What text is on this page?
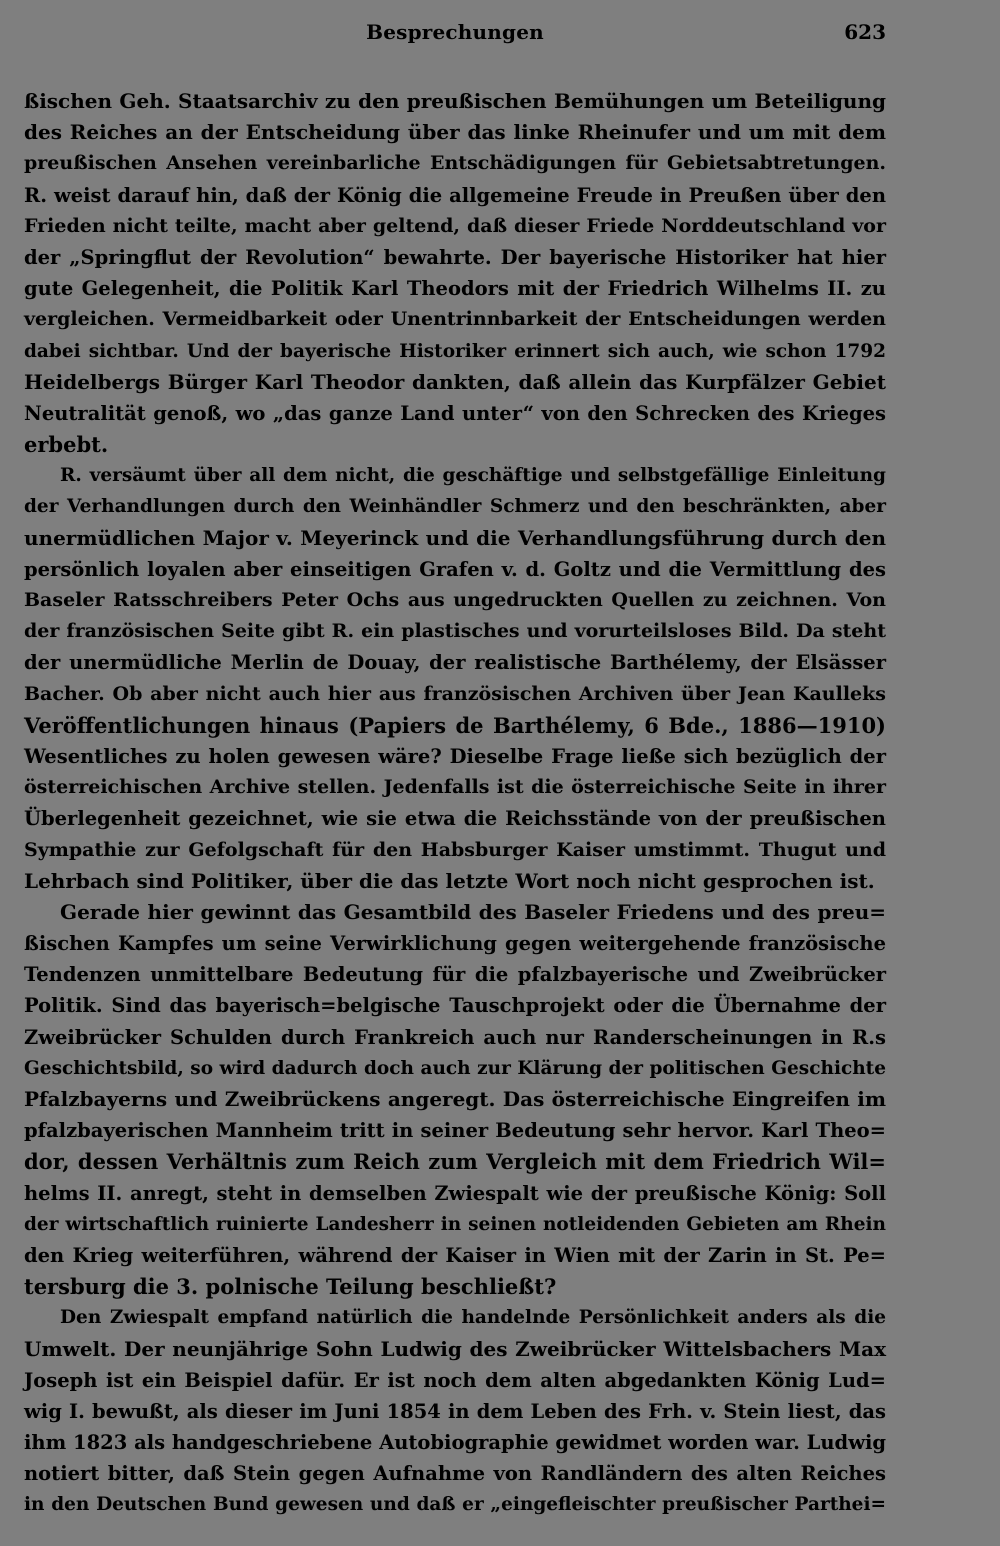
Besprechungen	623
ßischen Geh. Staatsarchiv zu den preußischen Bemühungen um Beteiligung
des Reiches an der Entscheidung über das linke Rheinufer und um mit dem
preußischen Ansehen vereinbarliche Entschädigungen für Gebietsabtretungen.
R. weist darauf hin, daß der König die allgemeine Freude in Preußen über den
Frieden nicht teilte, macht aber geltend, daß dieser Friede Norddeutschland vor
der „Springflut der Revolution“ bewahrte. Der bayerische Historiker hat hier
gute Gelegenheit, die Politik Karl Theodors mit der Friedrich Wilhelms II. zu
vergleichen. Vermeidbarkeit oder Unentrinnbarkeit der Entscheidungen werden
dabei sichtbar. Und der bayerische Historiker erinnert sich auch, wie schon 1792
Heidelbergs Bürger Karl Theodor dankten, daß allein das Kurpfälzer Gebiet
Neutralität genoß, wo „das ganze Land unter“ von den Schrecken des Krieges
erbebt.
R. versäumt über all dem nicht, die geschäftige und selbstgefällige Einleitung
der Verhandlungen durch den Weinhändler Schmerz und den beschränkten, aber
unermüdlichen Major v. Meyerinck und die Verhandlungsführung durch den
persönlich loyalen aber einseitigen Grafen v. d. Goltz und die Vermittlung des
Baseler Ratsschreibers Peter Ochs aus ungedruckten Quellen zu zeichnen. Von
der französischen Seite gibt R. ein plastisches und vorurteilsloses Bild. Da steht
der unermüdliche Merlin de Douay, der realistische Barthélemy, der Elsässer
Bacher. Ob aber nicht auch hier aus französischen Archiven über Jean Kaulleks
Veröffentlichungen hinaus (Papiers de Barthélemy, 6 Bde., 1886—1910)
Wesentliches zu holen gewesen wäre? Dieselbe Frage ließe sich bezüglich der
österreichischen Archive stellen. Jedenfalls ist die österreichische Seite in ihrer
Überlegenheit gezeichnet, wie sie etwa die Reichsstände von der preußischen
Sympathie zur Gefolgschaft für den Habsburger Kaiser umstimmt. Thugut und
Lehrbach sind Politiker, über die das letzte Wort noch nicht gesprochen ist.
Gerade hier gewinnt das Gesamtbild des Baseler Friedens und des preu=
ßischen Kampfes um seine Verwirklichung gegen weitergehende französische
Tendenzen unmittelbare Bedeutung für die pfalzbayerische und Zweibrücker
Politik. Sind das bayerisch=belgische Tauschprojekt oder die Übernahme der
Zweibrücker Schulden durch Frankreich auch nur Randerscheinungen in R.s
Geschichtsbild, so wird dadurch doch auch zur Klärung der politischen Geschichte
Pfalzbayerns und Zweibrückens angeregt. Das österreichische Eingreifen im
pfalzbayerischen Mannheim tritt in seiner Bedeutung sehr hervor. Karl Theo=
dor, dessen Verhältnis zum Reich zum Vergleich mit dem Friedrich Wil=
helms II. anregt, steht in demselben Zwiespalt wie der preußische König: Soll
der wirtschaftlich ruinierte Landesherr in seinen notleidenden Gebieten am Rhein
den Krieg weiterführen, während der Kaiser in Wien mit der Zarin in St. Pe=
tersburg die 3. polnische Teilung beschließt?
Den Zwiespalt empfand natürlich die handelnde Persönlichkeit anders als die
Umwelt. Der neunjährige Sohn Ludwig des Zweibrücker Wittelsbachers Max
Joseph ist ein Beispiel dafür. Er ist noch dem alten abgedankten König Lud=
wig I. bewußt, als dieser im Juni 1854 in dem Leben des Frh. v. Stein liest, das
ihm 1823 als handgeschriebene Autobiographie gewidmet worden war. Ludwig
notiert bitter, daß Stein gegen Aufnahme von Randländern des alten Reiches
in den Deutschen Bund gewesen und daß er „eingefleischter preußischer Parthei=
